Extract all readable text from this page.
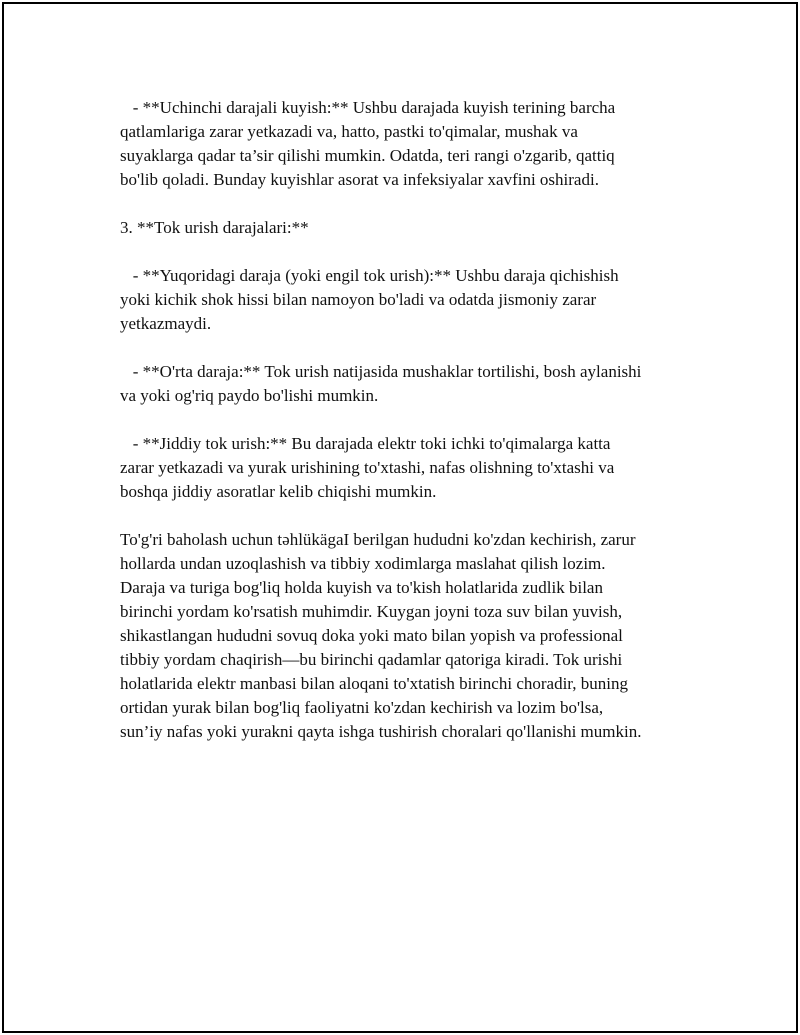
- **Uchinchi darajali kuyish:** Ushbu darajada kuyish terining barcha
qatlamlariga zarar yetkazadi va, hatto, pastki to'qimalar, mushak va
suyaklarga qadar ta’sir qilishi mumkin. Odatda, teri rangi o'zgarib, qattiq
bo'lib qoladi. Bunday kuyishlar asorat va infeksiyalar xavfini oshiradi.

3. **Tok urish darajalari:**

- **Yuqoridagi daraja (yoki engil tok urish):** Ushbu daraja qichishish
yoki kichik shok hissi bilan namoyon bo'ladi va odatda jismoniy zarar
yetkazmaydi.

- **O'rta daraja:** Tok urish natijasida mushaklar tortilishi, bosh aylanishi
va yoki og'riq paydo bo'lishi mumkin.

- **Jiddiy tok urish:** Bu darajada elektr toki ichki to'qimalarga katta
zarar yetkazadi va yurak urishining to'xtashi, nafas olishning to'xtashi va
boshqa jiddiy asoratlar kelib chiqishi mumkin.

To'g'ri baholash uchun təhlükägaI berilgan hududni ko'zdan kechirish, zarur
hollarda undan uzoqlashish va tibbiy xodimlarga maslahat qilish lozim.
Daraja va turiga bog'liq holda kuyish va to'kish holatlarida zudlik bilan
birinchi yordam ko'rsatish muhimdir. Kuygan joyni toza suv bilan yuvish,
shikastlangan hududni sovuq doka yoki mato bilan yopish va professional
tibbiy yordam chaqirish—bu birinchi qadamlar qatoriga kiradi. Tok urishi
holatlarida elektr manbasi bilan aloqani to'xtatish birinchi choradir, buning
ortidan yurak bilan bog'liq faoliyatni ko'zdan kechirish va lozim bo'lsa,
sun’iy nafas yoki yurakni qayta ishga tushirish choralari qo'llanishi mumkin.
